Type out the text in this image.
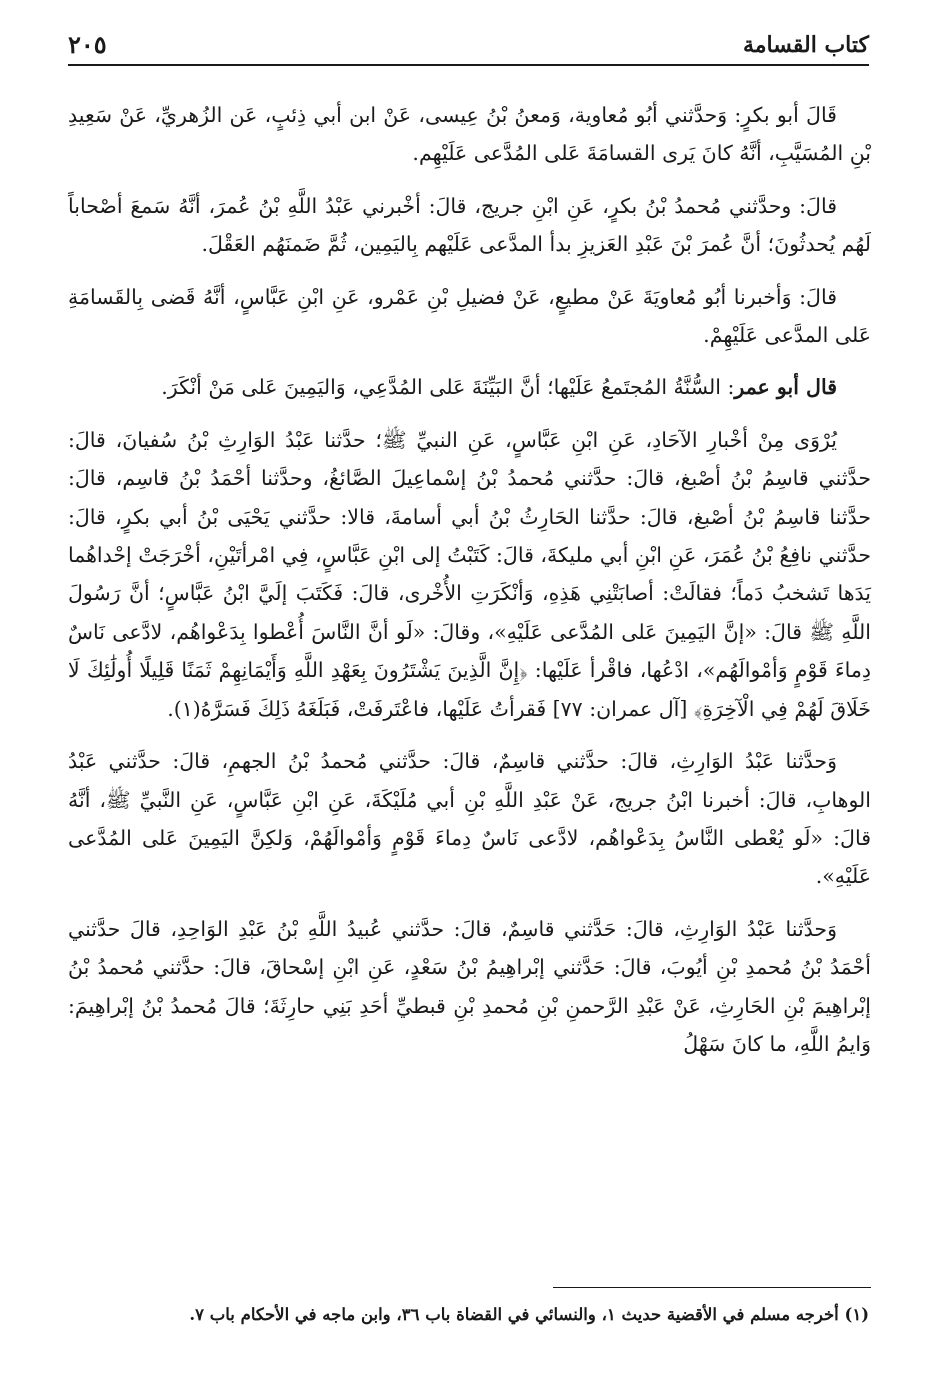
كتاب القسامة
٢٠٥

قَالَ أبو بكرٍ: وَحدَّثني أبُو مُعاوية، وَمعنُ بْنُ عِيسى، عَنْ ابن أبي ذِئبٍ، عَن الزُهريِّ، عَنْ سَعِيدِ بْنِ المُسَيَّبِ، أنَّهُ كانَ يَرى القسامَةَ عَلى المُدَّعى عَلَيْهِم.

قالَ: وحدَّثني مُحمدُ بْنُ بكرٍ، عَنِ ابْنِ جريج، قالَ: أخْبرني عَبْدُ اللَّهِ بْنُ عُمرَ، أنَّهُ سَمعَ أصْحاباً لَهُم يُحدثُونَ؛ أنَّ عُمرَ بْنَ عَبْدِ العَزيزِ بدأ المدَّعى عَلَيْهم بِاليَمِين، ثُمَّ ضَمنَهُم العَقْلَ.

قالَ: وَأخبرنا أبُو مُعاويَةَ عَنْ مطيعٍ، عَنْ فضيلِ بْنِ عَمْرو، عَنِ ابْنِ عَبَّاسٍ، أنَّهُ قَضى بِالقَسامَةِ عَلى المدَّعى عَلَيْهِمْ.

قال أبو عمر: السُّنَّةُ المُجتَمعُ عَلَيْها؛ أنَّ البَيِّنَةَ عَلى المُدَّعِي، وَاليَمِينَ عَلى مَنْ أنْكَرَ.

يُرْوَى مِنْ أخْبارِ الآحَادِ، عَنِ ابْنِ عَبَّاسٍ، عَنِ النبيِّ ﷺ؛ حدَّثنا عَبْدُ الوَارِثِ بْنُ سُفيانَ، قالَ: حدَّثني قاسِمُ بْنُ أصْبغ، قالَ: حدَّثني مُحمدُ بْنُ إسْماعِيلَ الصَّائغُ، وحدَّثنا أحْمَدُ بْنُ قاسِم، قالَ: حدَّثنا قاسِمُ بْنُ أصْبغ، قالَ: حدَّثنا الحَارِثُ بْنُ أبي أسامةَ، قالا: حدَّثني يَحْيَى بْنُ أبي بكرٍ، قالَ: حدَّثني نافِعُ بْنُ عُمَرَ، عَنِ ابْنِ أبي مليكةَ، قالَ: كَتَبْتُ إلى ابْنِ عَبَّاسٍ، فِي امْرأتَيْنِ، أخْرَجَتْ إحْداهُما يَدَها تَشخبُ دَماً؛ فقالَتْ: أصابَتْنِي هَذِهِ، وَأنْكَرَتِ الأُخْرى، قالَ: فَكَتَبَ إلَيَّ ابْنُ عَبَّاسٍ؛ أنَّ رَسُولَ اللَّهِ ﷺ قالَ: «إنَّ اليَمِينَ عَلى المُدَّعى عَلَيْهِ»، وقالَ: «لَو أنَّ النَّاسَ أُعْطوا بِدَعْواهُم، لادَّعى نَاسٌ دِماءَ قَوْمٍ وَأمْوالَهُم»، ادْعُها، فاقْرأ عَلَيْها: ﴿إِنَّ الَّذِينَ يَشْتَرُونَ بِعَهْدِ اللَّهِ وَأَيْمَانِهِمْ ثَمَنًا قَلِيلًا أُولَٰئِكَ لَا خَلَاقَ لَهُمْ فِي الْآخِرَةِ﴾ [آل عمران: ٧٧] فَقرأتُ عَلَيْها، فاعْتَرفَتْ، فَبَلَغَهُ ذَلِكَ فَسَرَّهُ(١).

وَحدَّثنا عَبْدُ الوَارِثِ، قالَ: حدَّثني قاسِمٌ، قالَ: حدَّثني مُحمدُ بْنُ الجهمِ، قالَ: حدَّثني عَبْدُ الوهابِ، قالَ: أخبرنا ابْنُ جريج، عَنْ عَبْدِ اللَّهِ بْنِ أبي مُلَيْكَةَ، عَنِ ابْنِ عَبَّاسٍ، عَنِ النَّبيِّ ﷺ، أنَّهُ قالَ: «لَو يُعْطى النَّاسُ بِدَعْواهُم، لادَّعى نَاسٌ دِماءَ قَوْمٍ وَأمْوالَهُمْ، وَلكِنَّ اليَمِينَ عَلى المُدَّعى عَلَيْهِ».

وَحدَّثنا عَبْدُ الوَارِثِ، قالَ: حَدَّثني قاسِمٌ، قالَ: حدَّثني عُبيدُ اللَّهِ بْنُ عَبْدِ الوَاحِدِ، قالَ حدَّثني أحْمَدُ بْنُ مُحمدِ بْنِ أيُوبَ، قالَ: حَدَّثني إبْراهِيمُ بْنُ سَعْدٍ، عَنِ ابْنِ إسْحاقَ، قالَ: حدَّثني مُحمدُ بْنُ إبْراهِيمَ بْنِ الحَارِثِ، عَنْ عَبْدِ الرَّحمنِ بْنِ مُحمدِ بْنِ قبطيِّ أحَدِ بَنِي حارِثَةَ؛ قالَ مُحمدُ بْنُ إبْراهِيمَ: وَايمُ اللَّهِ، ما كانَ سَهْلُ

(١) أخرجه مسلم في الأقضية حديث ١، والنسائي في القضاة باب ٣٦، وابن ماجه في الأحكام باب ٧.
